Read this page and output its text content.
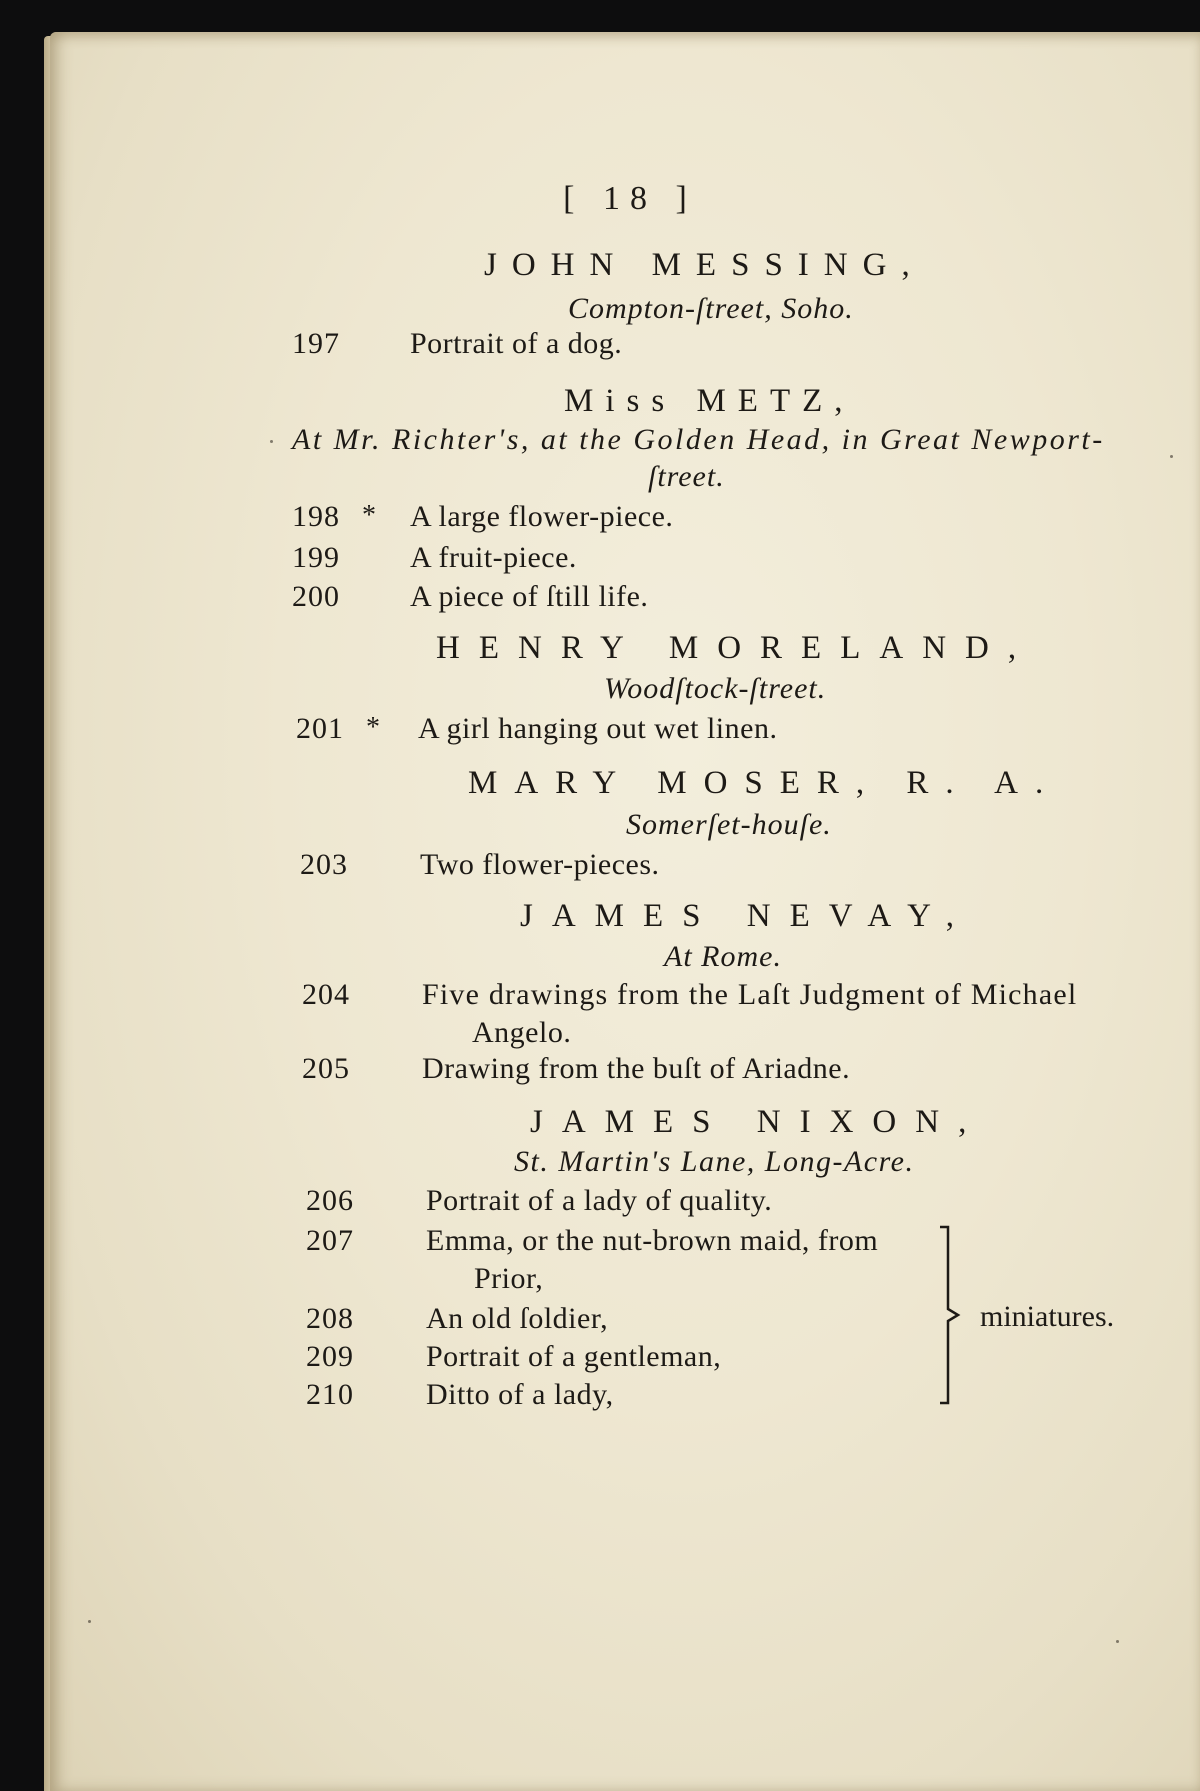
[ 18 ]
JOHN MESSING,
Compton-ſtreet, Soho.
197 Portrait of a dog.
Miss METZ,
At Mr. Richter's, at the Golden Head, in Great Newport-
ſtreet.
198 * A large flower-piece.
199 A fruit-piece.
200 A piece of ſtill life.
HENRY MORELAND,
Woodſtock-ſtreet.
201 * A girl hanging out wet linen.
MARY MOSER, R. A.
Somerſet-houſe.
203 Two flower-pieces.
JAMES NEVAY,
At Rome.
204 Five drawings from the Laſt Judgment of Michael
Angelo.
205 Drawing from the buſt of Ariadne.
JAMES NIXON,
St. Martin's Lane, Long-Acre.
206 Portrait of a lady of quality.
207 Emma, or the nut-brown maid, from
Prior,
208 An old ſoldier,
209 Portrait of a gentleman,
210 Ditto of a lady,
miniatures.
